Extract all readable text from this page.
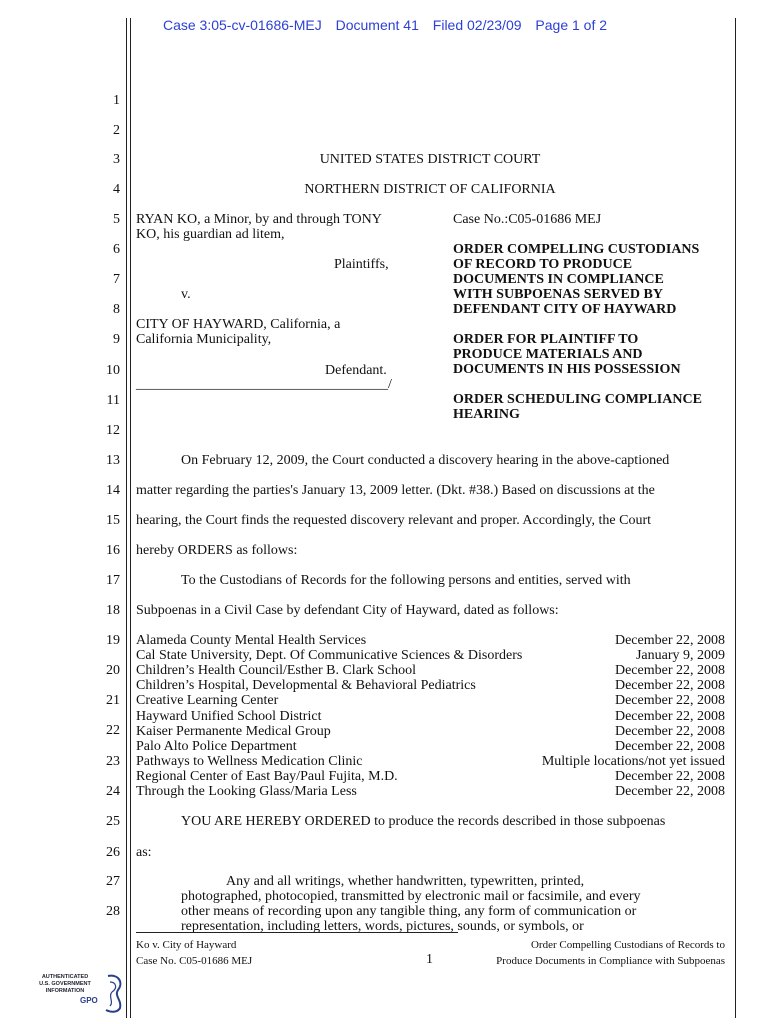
Case 3:05-cv-01686-MEJ Document 41 Filed 02/23/09 Page 1 of 2
1
2
3
4
5
6
7
8
9
10
11
12
13
14
15
16
17
18
19
20
21
22
23
24
25
26
27
28
UNITED STATES DISTRICT COURT
NORTHERN DISTRICT OF CALIFORNIA
RYAN KO, a Minor, by and through TONY
KO, his guardian ad litem,
Plaintiffs,
v.
CITY OF HAYWARD, California, a
California Municipality,
Defendant.
____________________________________/
Case No.:C05-01686 MEJ
ORDER COMPELLING CUSTODIANS
OF RECORD TO PRODUCE
DOCUMENTS IN COMPLIANCE
WITH SUBPOENAS SERVED BY
DEFENDANT CITY OF HAYWARD
ORDER FOR PLAINTIFF TO
PRODUCE MATERIALS AND
DOCUMENTS IN HIS POSSESSION
ORDER SCHEDULING COMPLIANCE
HEARING
On February 12, 2009, the Court conducted a discovery hearing in the above-captioned
matter regarding the parties's January 13, 2009 letter. (Dkt. #38.) Based on discussions at the
hearing, the Court finds the requested discovery relevant and proper. Accordingly, the Court
hereby ORDERS as follows:
To the Custodians of Records for the following persons and entities, served with
Subpoenas in a Civil Case by defendant City of Hayward, dated as follows:
Alameda County Mental Health Services	December 22, 2008
Cal State University, Dept. Of Communicative Sciences & Disorders	January 9, 2009
Children’s Health Council/Esther B. Clark School	December 22, 2008
Children’s Hospital, Developmental & Behavioral Pediatrics	December 22, 2008
Creative Learning Center	December 22, 2008
Hayward Unified School District	December 22, 2008
Kaiser Permanente Medical Group	December 22, 2008
Palo Alto Police Department	December 22, 2008
Pathways to Wellness Medication Clinic	Multiple locations/not yet issued
Regional Center of East Bay/Paul Fujita, M.D.	December 22, 2008
Through the Looking Glass/Maria Less	December 22, 2008
YOU ARE HEREBY ORDERED to produce the records described in those subpoenas
as:
Any and all writings, whether handwritten, typewritten, printed,
photographed, photocopied, transmitted by electronic mail or facsimile, and every
other means of recording upon any tangible thing, any form of communication or
representation, including letters, words, pictures, sounds, or symbols, or
Ko v. City of Hayward
Case No. C05-01686 MEJ	1
Order Compelling Custodians of Records to
Produce Documents in Compliance with Subpoenas
AUTHENTICATED
U.S. GOVERNMENT
INFORMATION
GPO
